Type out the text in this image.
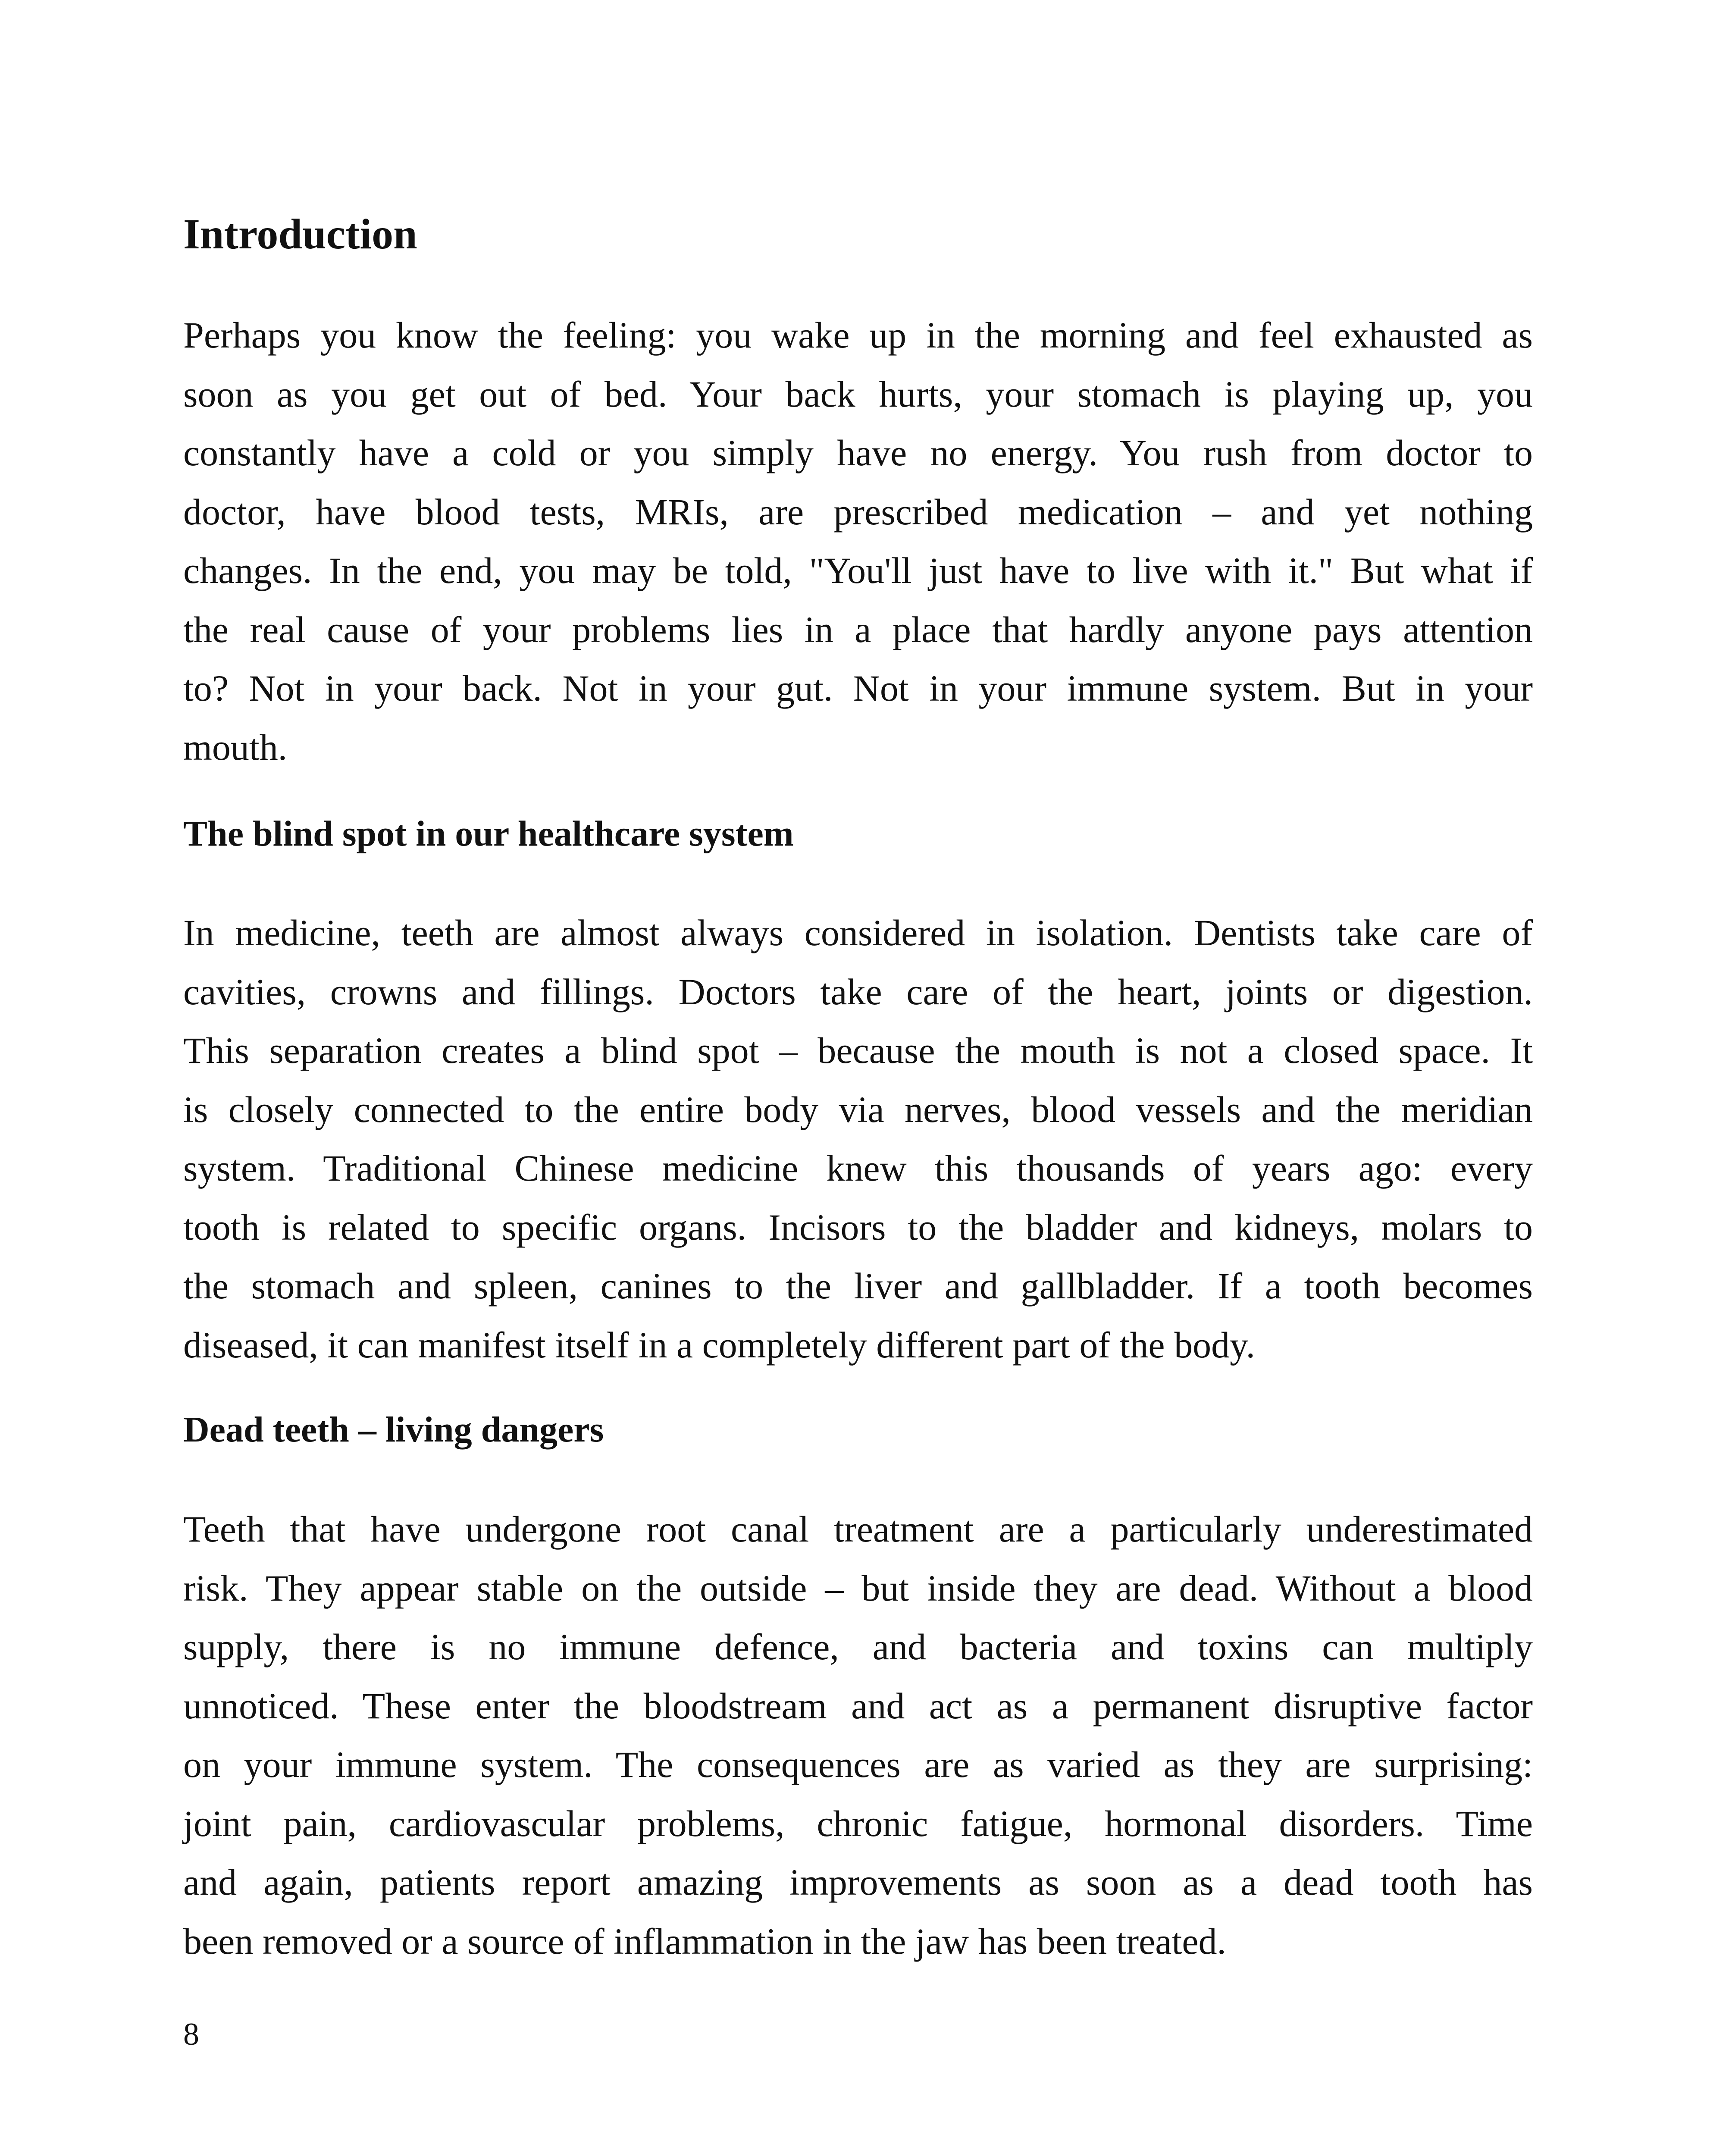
Introduction

Perhaps you know the feeling: you wake up in the morning and feel exhausted as
soon as you get out of bed. Your back hurts, your stomach is playing up, you
constantly have a cold or you simply have no energy. You rush from doctor to
doctor, have blood tests, MRIs, are prescribed medication – and yet nothing
changes. In the end, you may be told, "You'll just have to live with it." But what if
the real cause of your problems lies in a place that hardly anyone pays attention
to? Not in your back. Not in your gut. Not in your immune system. But in your
mouth.

The blind spot in our healthcare system

In medicine, teeth are almost always considered in isolation. Dentists take care of
cavities, crowns and fillings. Doctors take care of the heart, joints or digestion.
This separation creates a blind spot – because the mouth is not a closed space. It
is closely connected to the entire body via nerves, blood vessels and the meridian
system. Traditional Chinese medicine knew this thousands of years ago: every
tooth is related to specific organs. Incisors to the bladder and kidneys, molars to
the stomach and spleen, canines to the liver and gallbladder. If a tooth becomes
diseased, it can manifest itself in a completely different part of the body.

Dead teeth – living dangers

Teeth that have undergone root canal treatment are a particularly underestimated
risk. They appear stable on the outside – but inside they are dead. Without a blood
supply, there is no immune defence, and bacteria and toxins can multiply
unnoticed. These enter the bloodstream and act as a permanent disruptive factor
on your immune system. The consequences are as varied as they are surprising:
joint pain, cardiovascular problems, chronic fatigue, hormonal disorders. Time
and again, patients report amazing improvements as soon as a dead tooth has
been removed or a source of inflammation in the jaw has been treated.

8
